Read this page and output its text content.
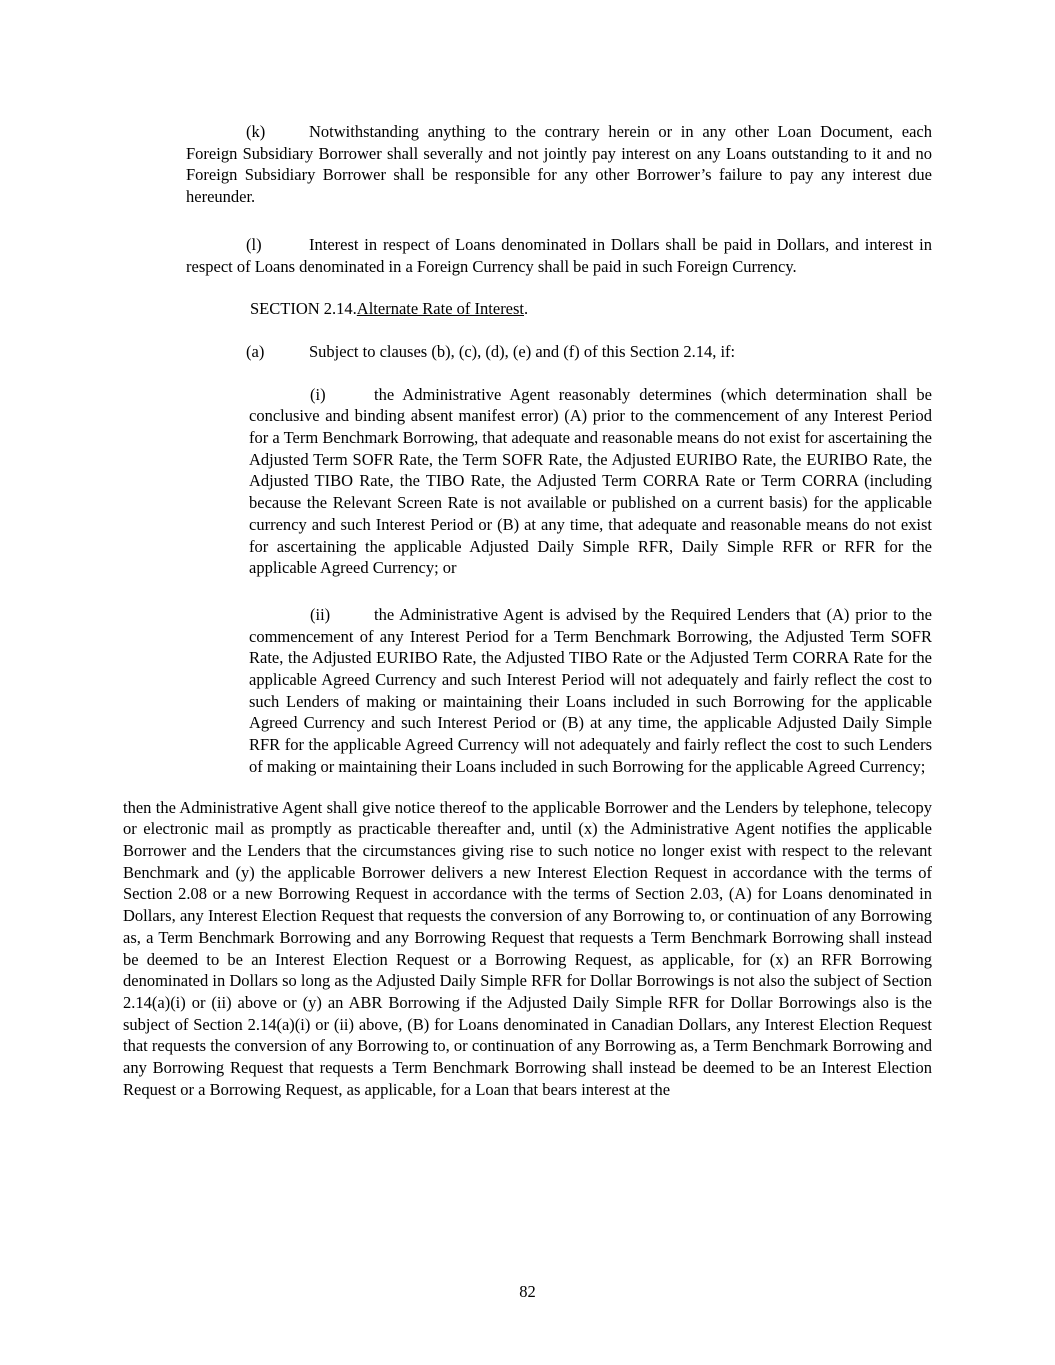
(k)	Notwithstanding anything to the contrary herein or in any other Loan Document, each Foreign Subsidiary Borrower shall severally and not jointly pay interest on any Loans outstanding to it and no Foreign Subsidiary Borrower shall be responsible for any other Borrower’s failure to pay any interest due hereunder.

(l)	Interest in respect of Loans denominated in Dollars shall be paid in Dollars, and interest in respect of Loans denominated in a Foreign Currency shall be paid in such Foreign Currency.

SECTION 2.14.Alternate Rate of Interest.

(a)	Subject to clauses (b), (c), (d), (e) and (f) of this Section 2.14, if:

(i)	the Administrative Agent reasonably determines (which determination shall be conclusive and binding absent manifest error) (A) prior to the commencement of any Interest Period for a Term Benchmark Borrowing, that adequate and reasonable means do not exist for ascertaining the Adjusted Term SOFR Rate, the Term SOFR Rate, the Adjusted EURIBO Rate, the EURIBO Rate, the Adjusted TIBO Rate, the TIBO Rate, the Adjusted Term CORRA Rate or Term CORRA (including because the Relevant Screen Rate is not available or published on a current basis) for the applicable currency and such Interest Period or (B) at any time, that adequate and reasonable means do not exist for ascertaining the applicable Adjusted Daily Simple RFR, Daily Simple RFR or RFR for the applicable Agreed Currency; or

(ii)	the Administrative Agent is advised by the Required Lenders that (A) prior to the commencement of any Interest Period for a Term Benchmark Borrowing, the Adjusted Term SOFR Rate, the Adjusted EURIBO Rate, the Adjusted TIBO Rate or the Adjusted Term CORRA Rate for the applicable Agreed Currency and such Interest Period will not adequately and fairly reflect the cost to such Lenders of making or maintaining their Loans included in such Borrowing for the applicable Agreed Currency and such Interest Period or (B) at any time, the applicable Adjusted Daily Simple RFR for the applicable Agreed Currency will not adequately and fairly reflect the cost to such Lenders of making or maintaining their Loans included in such Borrowing for the applicable Agreed Currency;

then the Administrative Agent shall give notice thereof to the applicable Borrower and the Lenders by telephone, telecopy or electronic mail as promptly as practicable thereafter and, until (x) the Administrative Agent notifies the applicable Borrower and the Lenders that the circumstances giving rise to such notice no longer exist with respect to the relevant Benchmark and (y) the applicable Borrower delivers a new Interest Election Request in accordance with the terms of Section 2.08 or a new Borrowing Request in accordance with the terms of Section 2.03, (A) for Loans denominated in Dollars, any Interest Election Request that requests the conversion of any Borrowing to, or continuation of any Borrowing as, a Term Benchmark Borrowing and any Borrowing Request that requests a Term Benchmark Borrowing shall instead be deemed to be an Interest Election Request or a Borrowing Request, as applicable, for (x) an RFR Borrowing denominated in Dollars so long as the Adjusted Daily Simple RFR for Dollar Borrowings is not also the subject of Section 2.14(a)(i) or (ii) above or (y) an ABR Borrowing if the Adjusted Daily Simple RFR for Dollar Borrowings also is the subject of Section 2.14(a)(i) or (ii) above, (B) for Loans denominated in Canadian Dollars, any Interest Election Request that requests the conversion of any Borrowing to, or continuation of any Borrowing as, a Term Benchmark Borrowing and any Borrowing Request that requests a Term Benchmark Borrowing shall instead be deemed to be an Interest Election Request or a Borrowing Request, as applicable, for a Loan that bears interest at the

82
